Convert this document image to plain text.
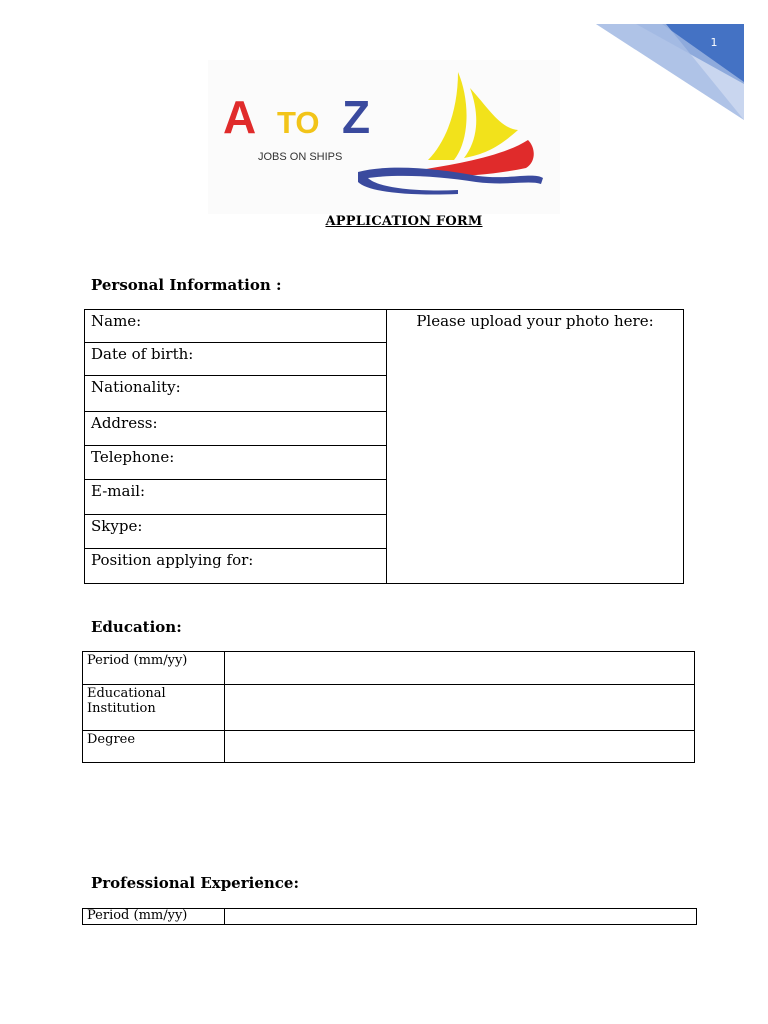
1
A TO Z
JOBS ON SHIPS
APPLICATION FORM
Personal Information :
Name:	Please upload your photo here:
Date of birth:
Nationality:
Address:
Telephone:
E-mail:
Skype:
Position applying for:
Education:
Period (mm/yy)	
Educational Institution	
Degree	
Professional Experience:
Period (mm/yy)	
